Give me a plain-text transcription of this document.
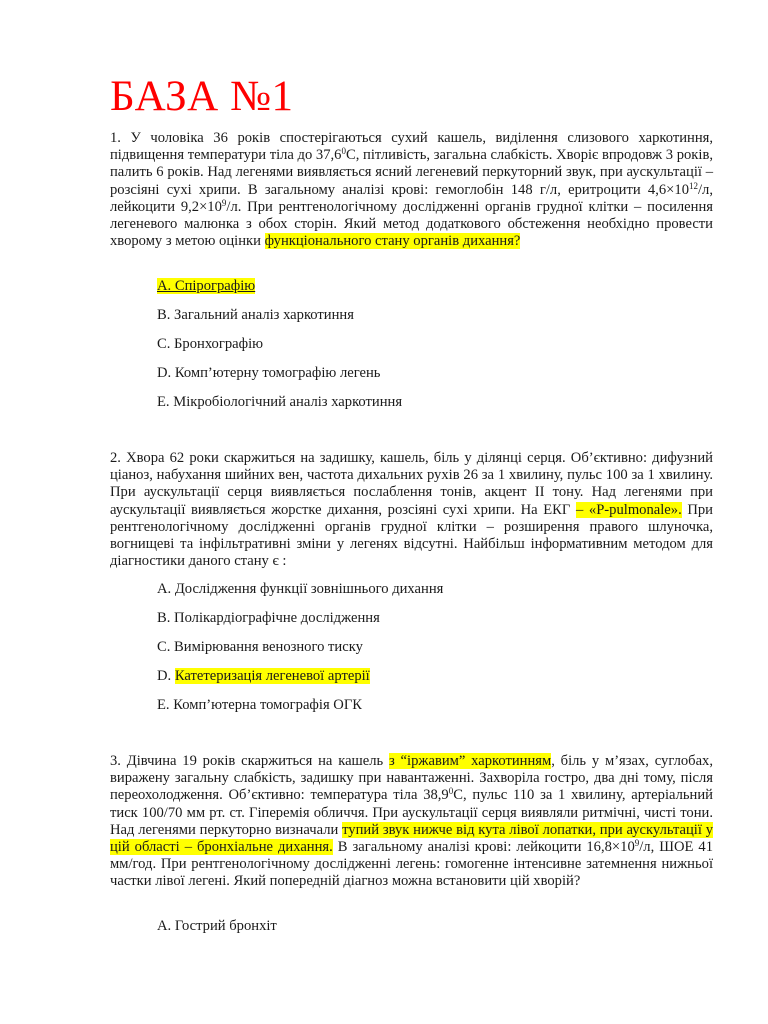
БАЗА №1

1. У чоловіка 36 років спостерігаються сухий кашель, виділення слизового харкотиння, підвищення температури тіла до 37,6$^0$С, пітливість, загальна слабкість. Хворіє впродовж 3 років, палить 6 років. Над легенями виявляється ясний легеневий перкуторний звук, при аускультації – розсіяні сухі хрипи. В загальному аналізі крові: гемоглобін 148 г/л, еритроцити $4,6\times 10^{12}/л$, лейкоцити $9,2\times 10^9/л$. При рентгенологічному дослідженні органів грудної клітки – посилення легеневого малюнка з обох сторін. Який метод додаткового обстеження необхідно провести хворому з метою оцінки функціонального стану органів дихання?

А. Спірографію

В. Загальний аналіз харкотиння

С. Бронхографію

D. Комп’ютерну томографію легень

Е. Мікробіологічний аналіз харкотиння

2. Хвора 62 роки скаржиться на задишку, кашель, біль у ділянці серця. Об’єктивно: дифузний ціаноз, набухання шийних вен, частота дихальних рухів 26 за 1 хвилину, пульс 100 за 1 хвилину. При аускультації серця виявляється послаблення тонів, акцент ІІ тону. Над легенями при аускультації виявляється жорстке дихання, розсіяні сухі хрипи. На ЕКГ – «P-pulmonale». При рентгенологічному дослідженні органів грудної клітки – розширення правого шлуночка, вогнищеві та інфільтративні зміни у легенях відсутні. Найбільш інформативним методом для діагностики даного стану є :

А. Дослідження функції зовнішнього дихання

В. Полікардіографічне дослідження

С. Вимірювання венозного тиску

D. Катетеризація легеневої артерії

Е. Комп’ютерна томографія ОГК

3. Дівчина 19 років скаржиться на кашель з “іржавим” харкотинням, біль у м’язах, суглобах, виражену загальну слабкість, задишку при навантаженні. Захворіла гостро, два дні тому, після переохолодження. Об’єктивно: температура тіла 38,9$^0$С, пульс 110 за 1 хвилину, артеріальний тиск 100/70 мм рт. ст. Гіперемія обличчя. При аускультації серця виявляли ритмічні, чисті тони. Над легенями перкуторно визначали тупий звук нижче від кута лівої лопатки, при аускультації у цій області – бронхіальне дихання. В загальному аналізі крові: лейкоцити $16,8\times 10^9/л$, ШОЕ 41 мм/год. При рентгенологічному дослідженні легень: гомогенне інтенсивне затемнення нижньої частки лівої легені. Який попередній діагноз можна встановити цій хворій?

А. Гострий бронхіт
